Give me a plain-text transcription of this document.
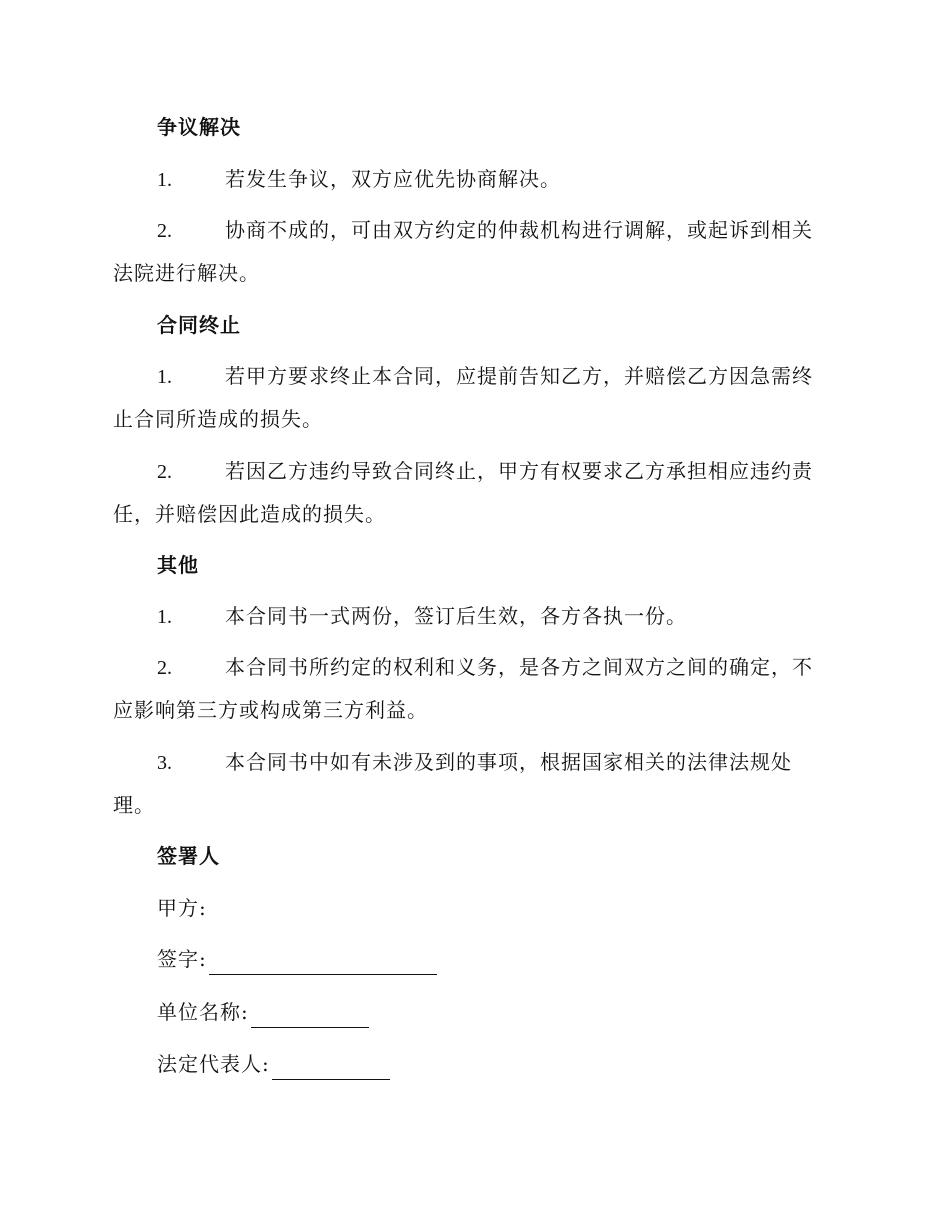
争议解决
1.	若发生争议，双方应优先协商解决。
2.	协商不成的，可由双方约定的仲裁机构进行调解，或起诉到相关法院进行解决。
合同终止
1.	若甲方要求终止本合同，应提前告知乙方，并赔偿乙方因急需终止合同所造成的损失。
2.	若因乙方违约导致合同终止，甲方有权要求乙方承担相应违约责任，并赔偿因此造成的损失。
其他
1.	本合同书一式两份，签订后生效，各方各执一份。
2.	本合同书所约定的权利和义务，是各方之间双方之间的确定，不应影响第三方或构成第三方利益。
3.	本合同书中如有未涉及到的事项，根据国家相关的法律法规处理。
签署人
甲方:
签字:
单位名称:
法定代表人:
